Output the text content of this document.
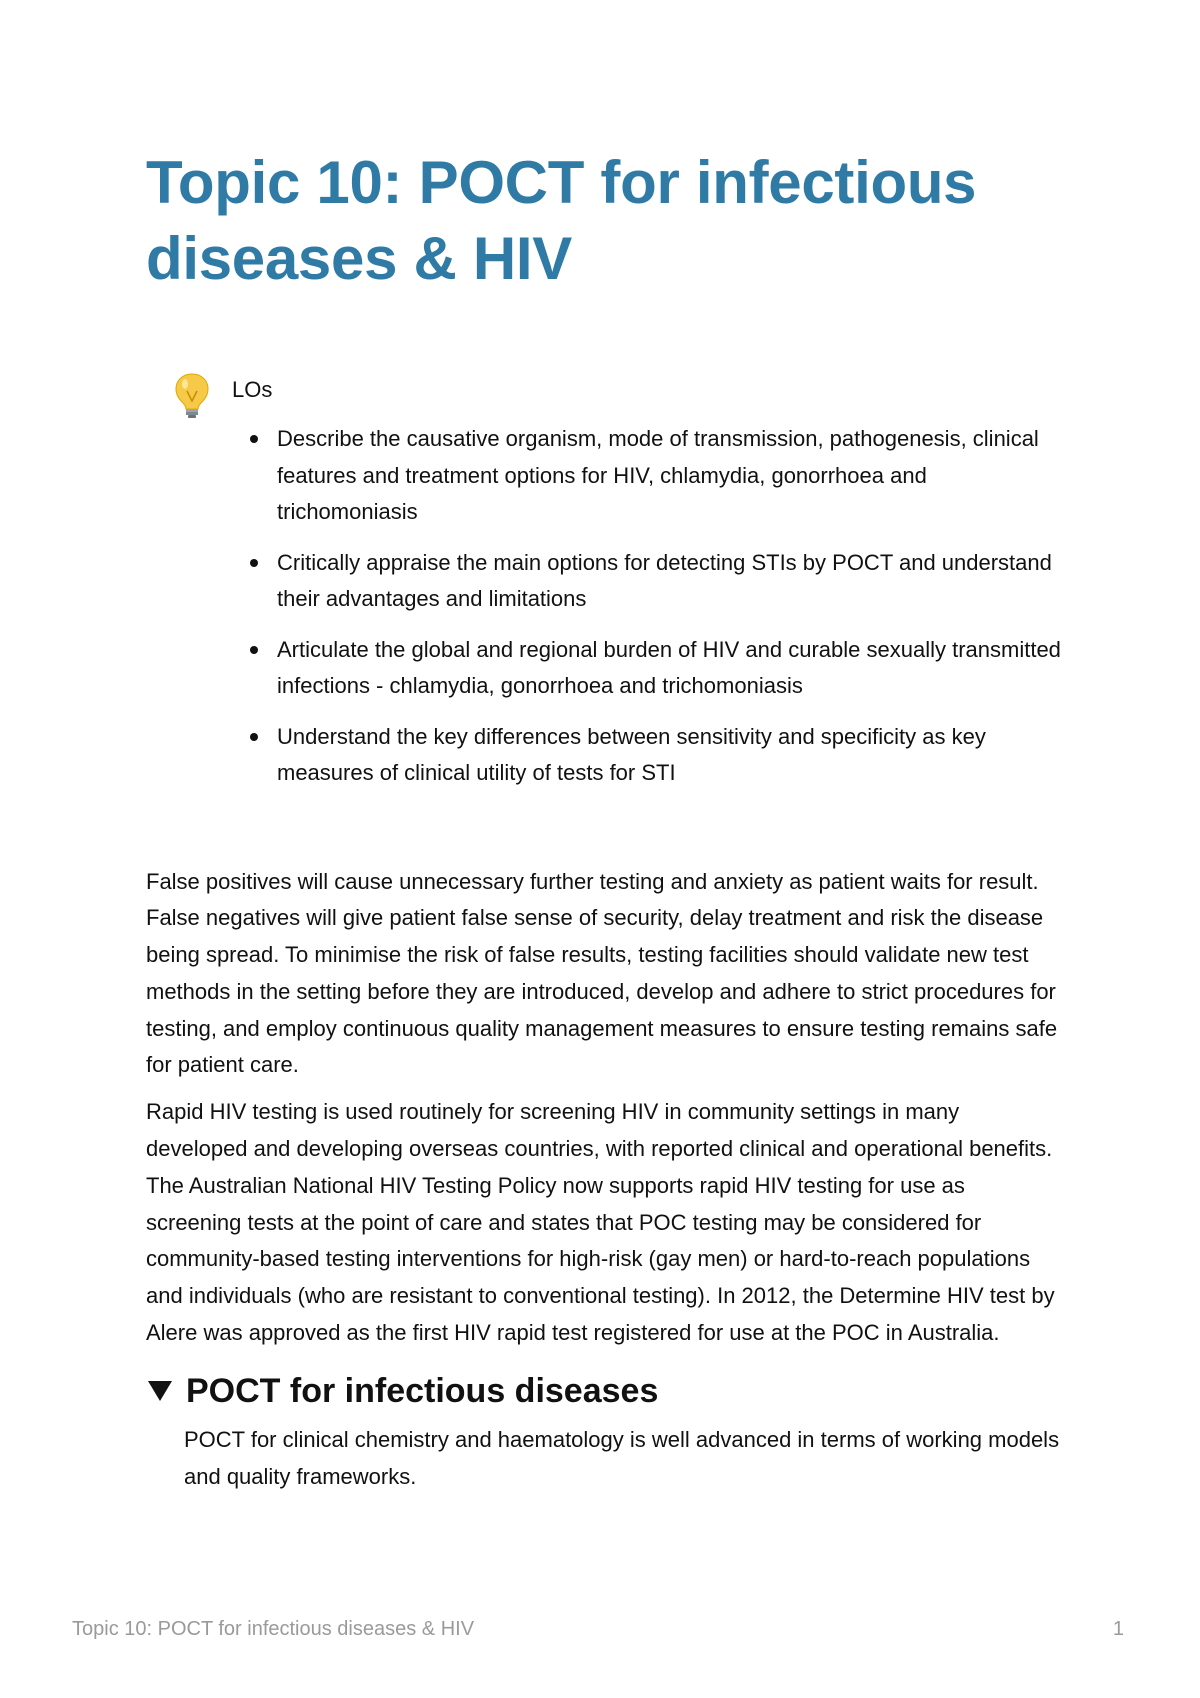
Topic 10: POCT for infectious diseases & HIV
LOs
Describe the causative organism, mode of transmission, pathogenesis, clinical features and treatment options for HIV, chlamydia, gonorrhoea and trichomoniasis
Critically appraise the main options for detecting STIs by POCT and understand their advantages and limitations
Articulate the global and regional burden of HIV and curable sexually transmitted infections - chlamydia, gonorrhoea and trichomoniasis
Understand the key differences between sensitivity and specificity as key measures of clinical utility of tests for STI

False positives will cause unnecessary further testing and anxiety as patient waits for result. False negatives will give patient false sense of security, delay treatment and risk the disease being spread. To minimise the risk of false results, testing facilities should validate new test methods in the setting before they are introduced, develop and adhere to strict procedures for testing, and employ continuous quality management measures to ensure testing remains safe for patient care.

Rapid HIV testing is used routinely for screening HIV in community settings in many developed and developing overseas countries, with reported clinical and operational benefits. The Australian National HIV Testing Policy now supports rapid HIV testing for use as screening tests at the point of care and states that POC testing may be considered for community-based testing interventions for high-risk (gay men) or hard-to-reach populations and individuals (who are resistant to conventional testing). In 2012, the Determine HIV test by Alere was approved as the first HIV rapid test registered for use at the POC in Australia.

POCT for infectious diseases

POCT for clinical chemistry and haematology is well advanced in terms of working models and quality frameworks.

Topic 10: POCT for infectious diseases & HIV	1
